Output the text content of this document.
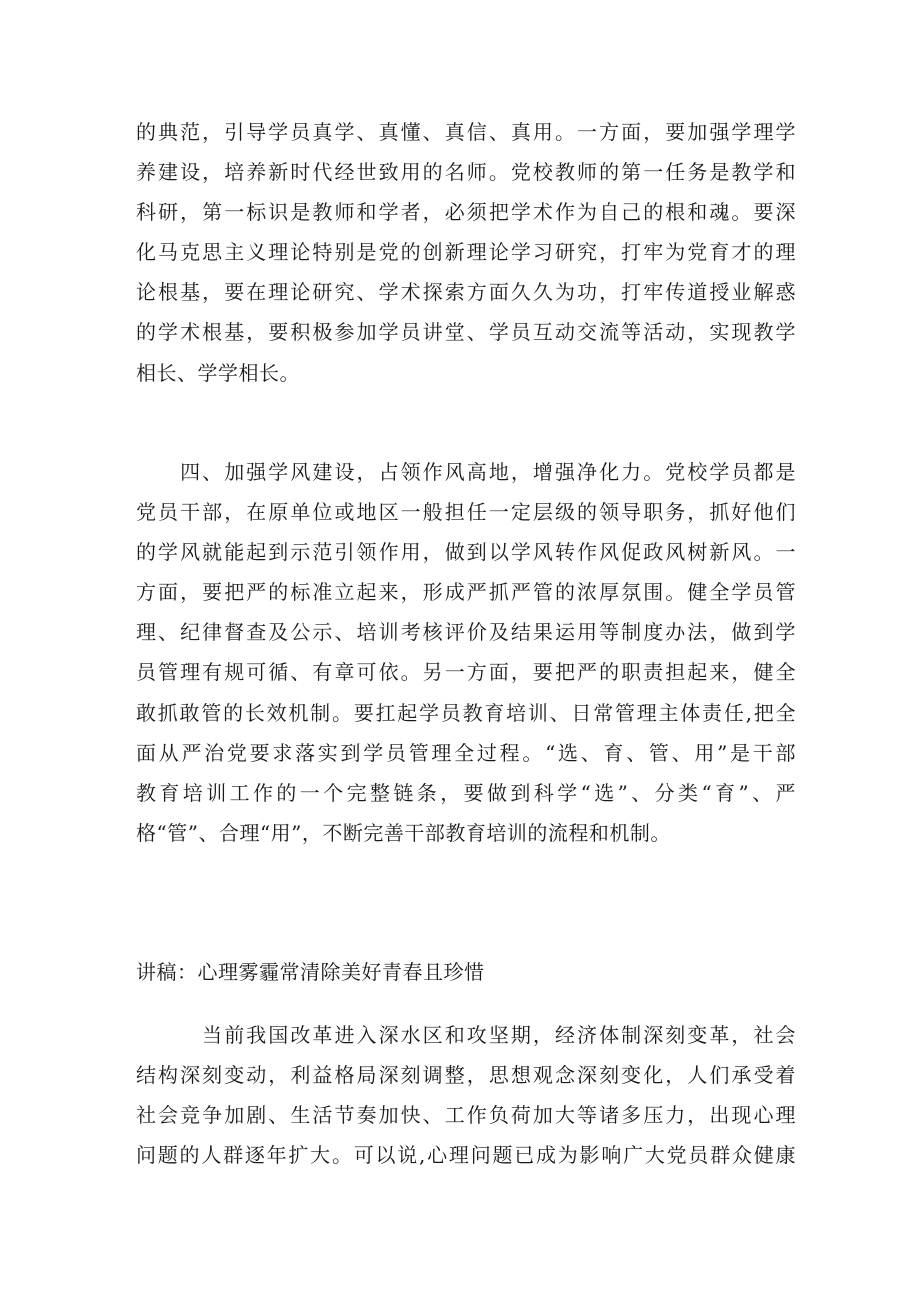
的典范，引导学员真学、真懂、真信、真用。一方面，要加强学理学
养建设，培养新时代经世致用的名师。党校教师的第一任务是教学和
科研，第一标识是教师和学者，必须把学术作为自己的根和魂。要深
化马克思主义理论特别是党的创新理论学习研究，打牢为党育才的理
论根基，要在理论研究、学术探索方面久久为功，打牢传道授业解惑
的学术根基，要积极参加学员讲堂、学员互动交流等活动，实现教学
相长、学学相长。
　　四、加强学风建设，占领作风高地，增强净化力。党校学员都是
党员干部，在原单位或地区一般担任一定层级的领导职务，抓好他们
的学风就能起到示范引领作用，做到以学风转作风促政风树新风。一
方面，要把严的标准立起来，形成严抓严管的浓厚氛围。健全学员管
理、纪律督查及公示、培训考核评价及结果运用等制度办法，做到学
员管理有规可循、有章可依。另一方面，要把严的职责担起来，健全
敢抓敢管的长效机制。要扛起学员教育培训、日常管理主体责任,把全
面从严治党要求落实到学员管理全过程。“选、育、管、用”是干部
教育培训工作的一个完整链条，要做到科学“选”、分类“育”、严
格“管”、合理“用”，不断完善干部教育培训的流程和机制。
讲稿：心理雾霾常清除美好青春且珍惜
　　　当前我国改革进入深水区和攻坚期，经济体制深刻变革，社会
结构深刻变动，利益格局深刻调整，思想观念深刻变化，人们承受着
社会竞争加剧、生活节奏加快、工作负荷加大等诸多压力，出现心理
问题的人群逐年扩大。可以说,心理问题已成为影响广大党员群众健康
